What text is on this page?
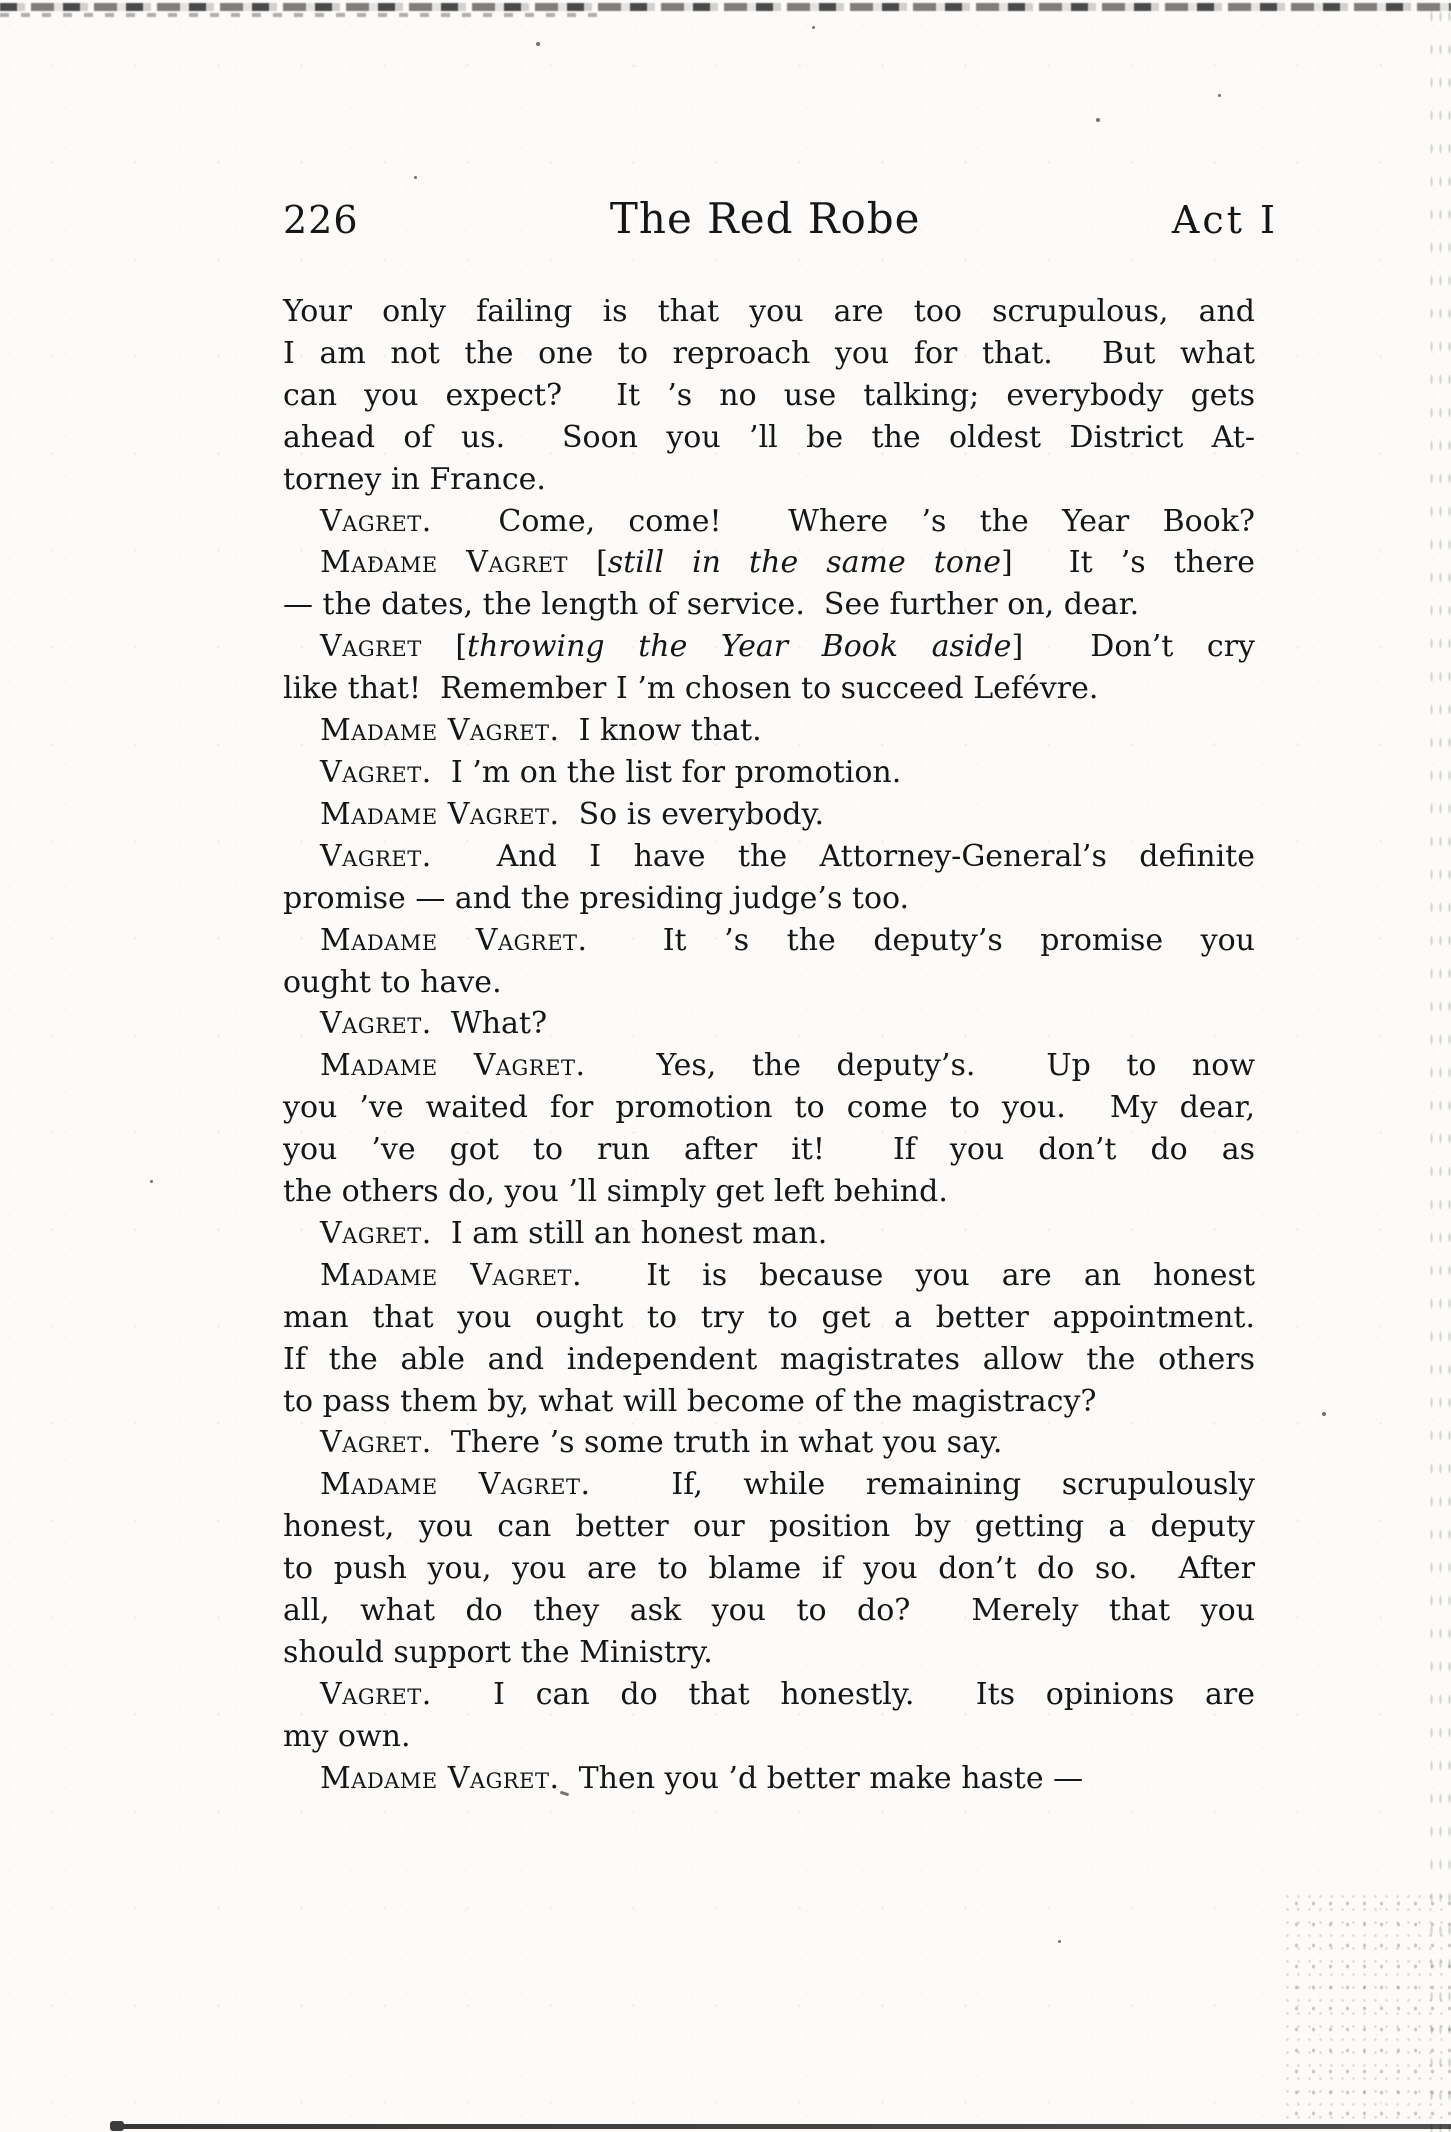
226	The Red Robe	Act I
Your only failing is that you are too scrupulous, and
I am not the one to reproach you for that.  But what
can you expect?  It ’s no use talking; everybody gets
ahead of us.  Soon you ’ll be the oldest District At-
torney in France.
Vagret.  Come, come!  Where ’s the Year Book?
Madame Vagret [still in the same tone]  It ’s there
— the dates, the length of service.  See further on, dear.
Vagret [throwing the Year Book aside]  Don’t cry
like that!  Remember I ’m chosen to succeed Lefévre.
Madame Vagret.  I know that.
Vagret.  I ’m on the list for promotion.
Madame Vagret.  So is everybody.
Vagret.  And I have the Attorney-General’s definite
promise — and the presiding judge’s too.
Madame Vagret.  It ’s the deputy’s promise you
ought to have.
Vagret.  What?
Madame Vagret.  Yes, the deputy’s.  Up to now
you ’ve waited for promotion to come to you.  My dear,
you ’ve got to run after it!  If you don’t do as
the others do, you ’ll simply get left behind.
Vagret.  I am still an honest man.
Madame Vagret.  It is because you are an honest
man that you ought to try to get a better appointment.
If the able and independent magistrates allow the others
to pass them by, what will become of the magistracy?
Vagret.  There ’s some truth in what you say.
Madame Vagret.  If, while remaining scrupulously
honest, you can better our position by getting a deputy
to push you, you are to blame if you don’t do so.  After
all, what do they ask you to do?  Merely that you
should support the Ministry.
Vagret.  I can do that honestly.  Its opinions are
my own.
Madame Vagret.  Then you ’d better make haste —
